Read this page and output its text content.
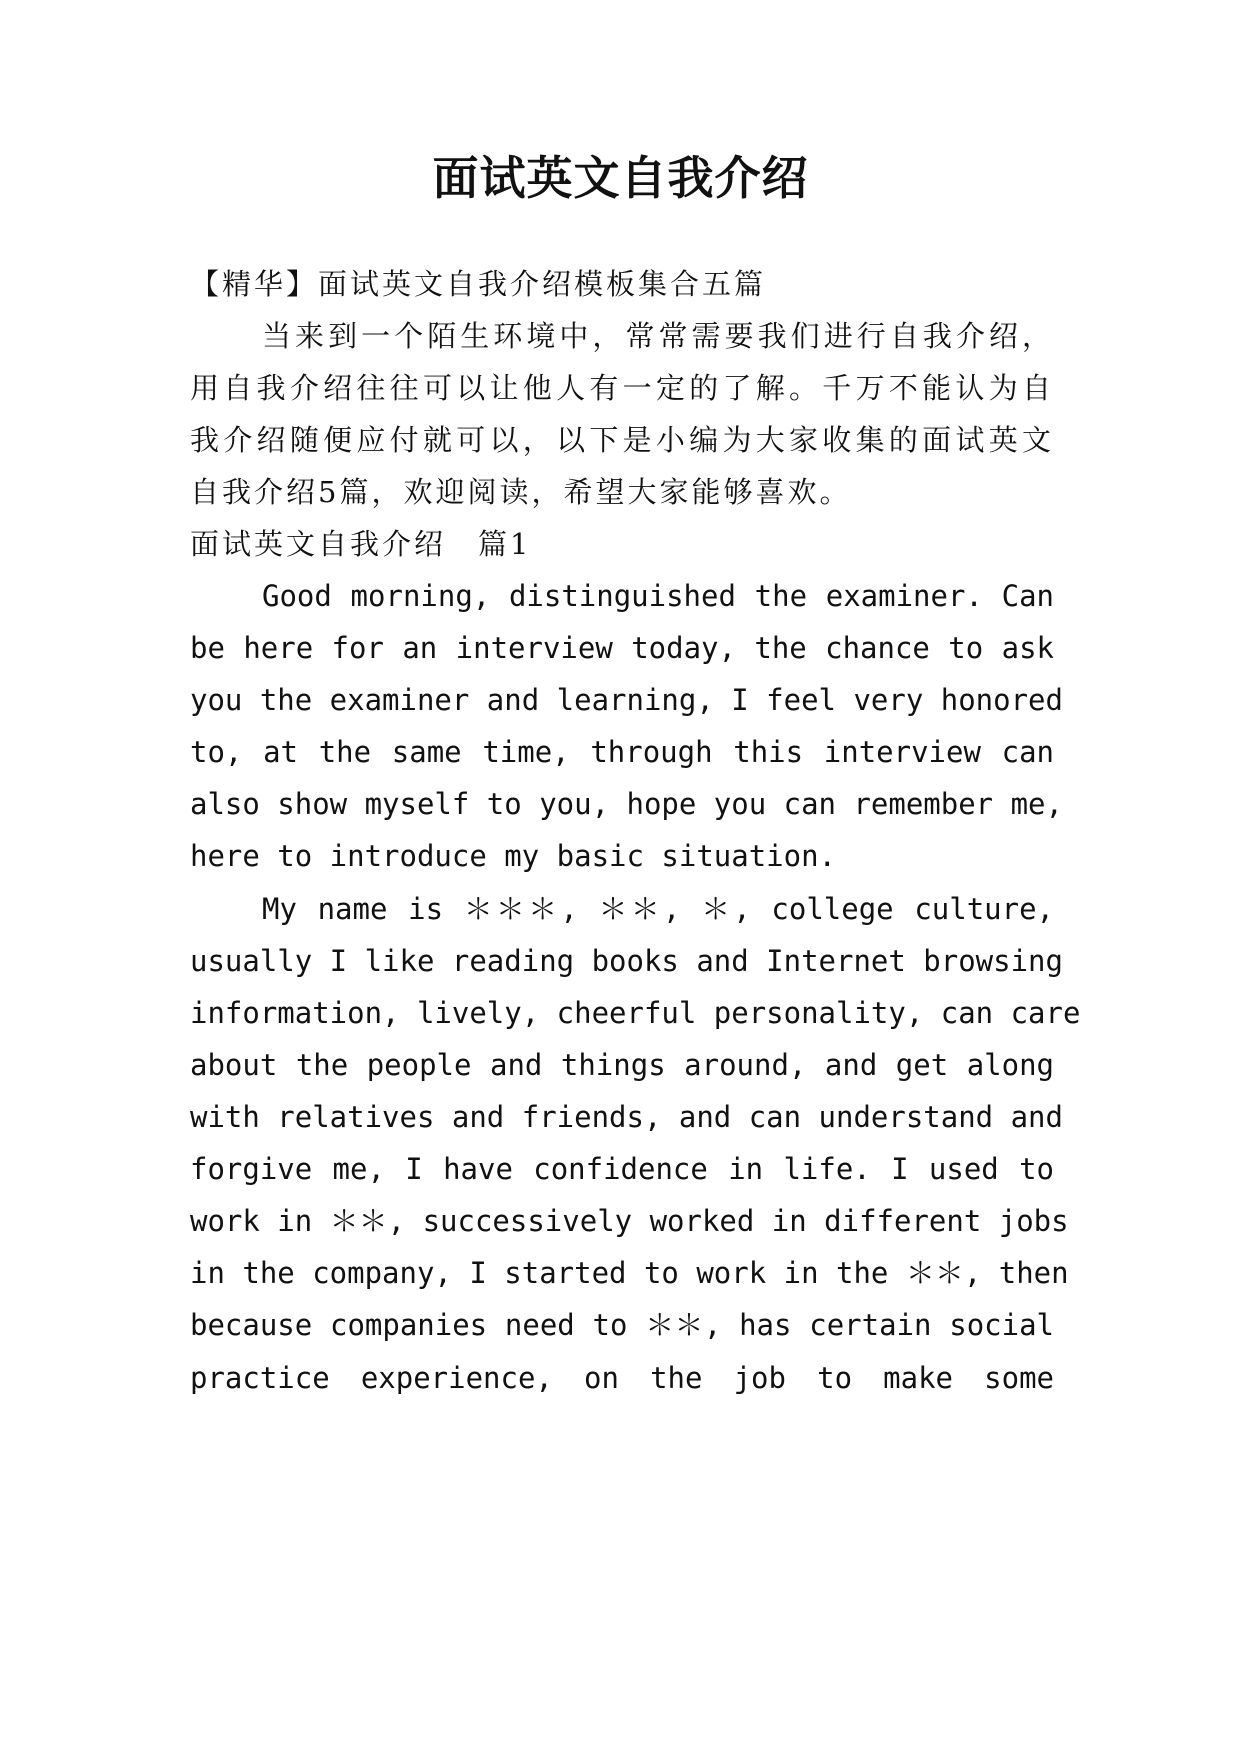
面试英文自我介绍
【精华】面试英文自我介绍模板集合五篇
当来到一个陌生环境中，常常需要我们进行自我介绍，
用自我介绍往往可以让他人有一定的了解。千万不能认为自
我介绍随便应付就可以，以下是小编为大家收集的面试英文
自我介绍5篇，欢迎阅读，希望大家能够喜欢。
面试英文自我介绍　篇1
Good morning, distinguished the examiner. Can
be here for an interview today, the chance to ask
you the examiner and learning, I feel very honored
to, at the same time, through this interview can
also show myself to you, hope you can remember me,
here to introduce my basic situation.
My name is ＊＊＊, ＊＊, ＊, college culture,
usually I like reading books and Internet browsing
information, lively, cheerful personality, can care
about the people and things around, and get along
with relatives and friends, and can understand and
forgive me, I have confidence in life. I used to
work in ＊＊, successively worked in different jobs
in the company, I started to work in the ＊＊, then
because companies need to ＊＊, has certain social
practice experience, on the job to make some
